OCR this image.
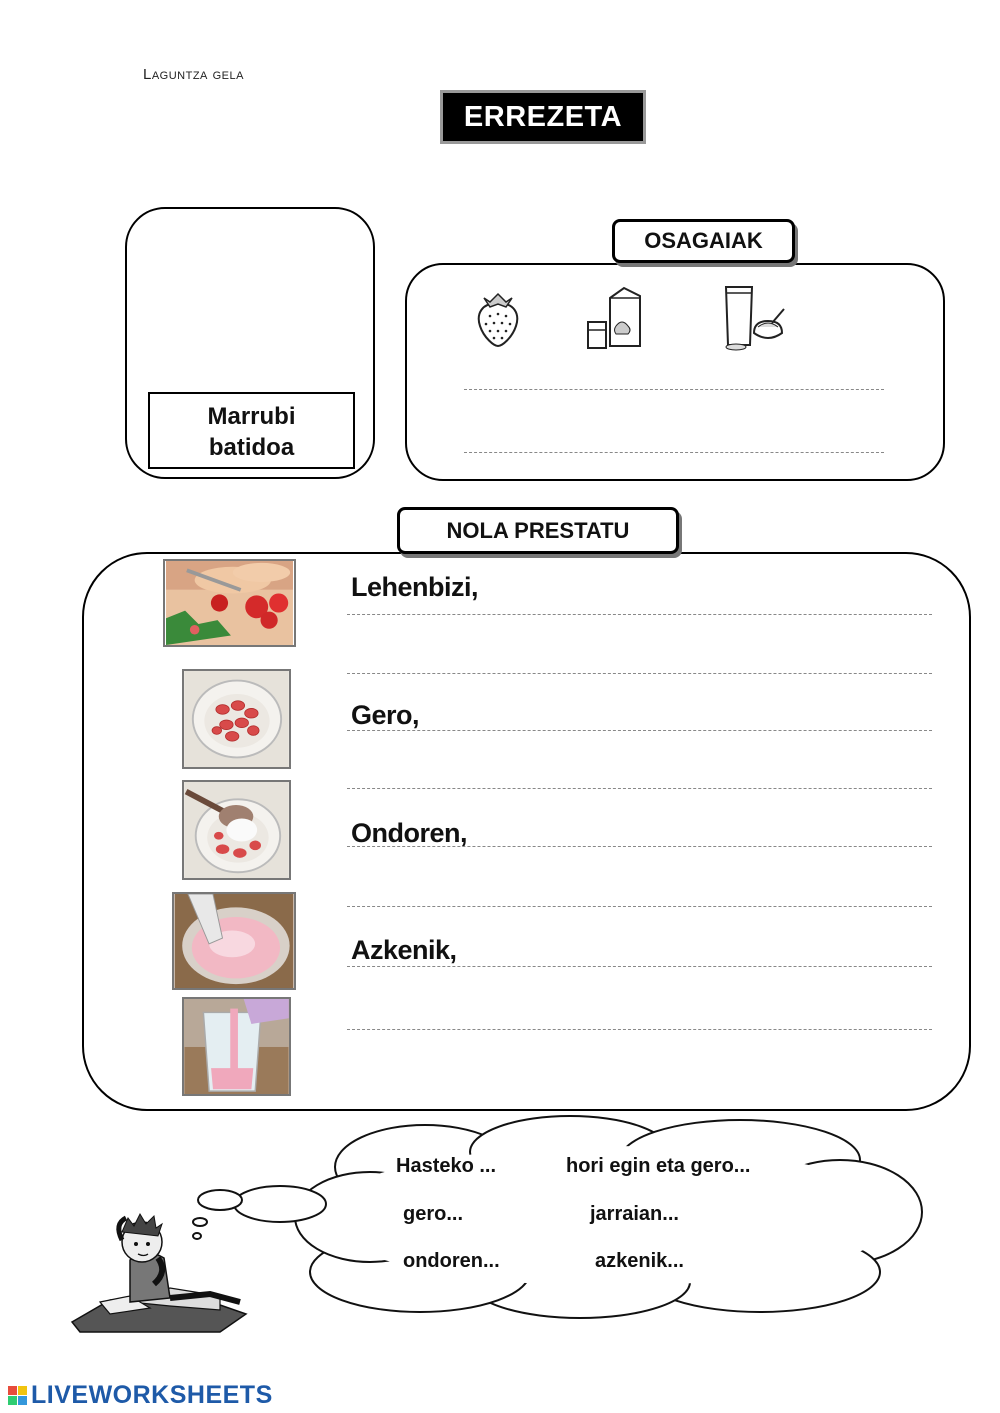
Laguntza gela
ERREZETA
Marrubi
batidoa
OSAGAIAK
NOLA PRESTATU
Lehenbizi,
Gero,
Ondoren,
Azkenik,
Hasteko ...	hori egin eta gero...
gero...	jarraian...
ondoren...	azkenik...
LIVEWORKSHEETS
